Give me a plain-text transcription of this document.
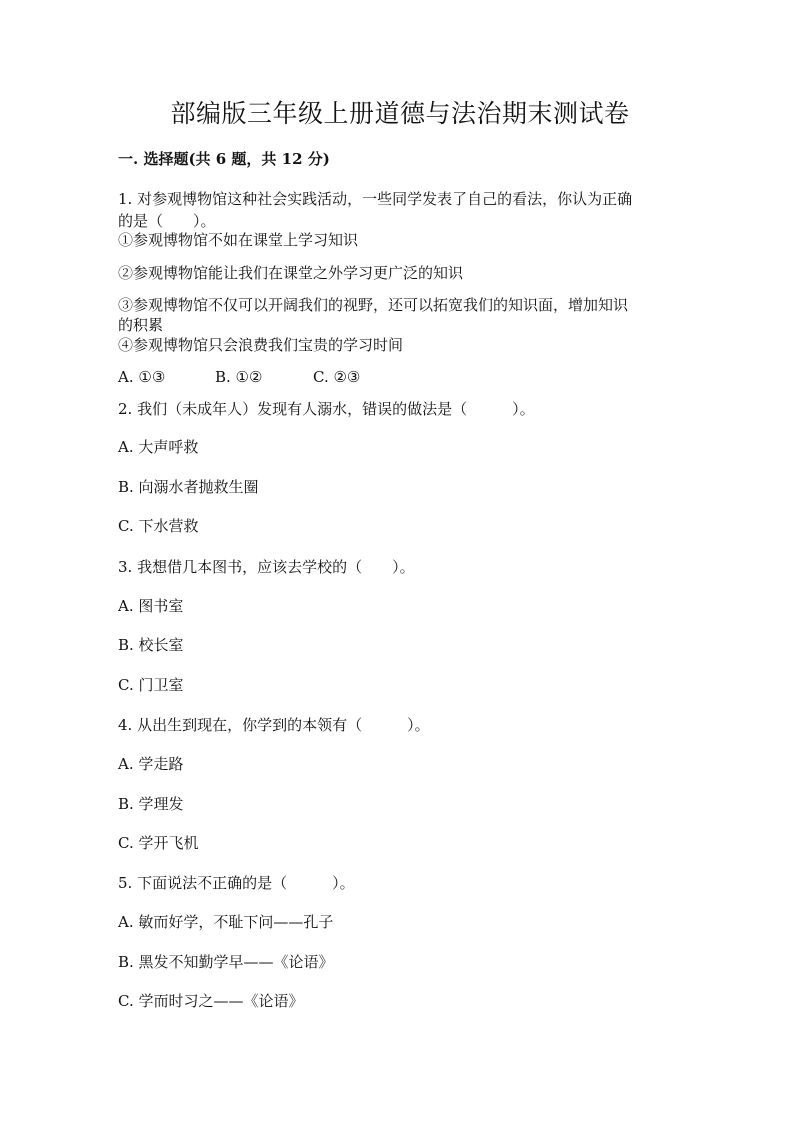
部编版三年级上册道德与法治期末测试卷
一. 选择题(共 6 题，共 12 分)
1. 对参观博物馆这种社会实践活动，一些同学发表了自己的看法，你认为正确
的是（　　）。
①参观博物馆不如在课堂上学习知识
②参观博物馆能让我们在课堂之外学习更广泛的知识
③参观博物馆不仅可以开阔我们的视野，还可以拓宽我们的知识面，增加知识
的积累
④参观博物馆只会浪费我们宝贵的学习时间
A. ①③	B. ①②	C. ②③
2. 我们（未成年人）发现有人溺水，错误的做法是（　　　）。
A. 大声呼救
B. 向溺水者抛救生圈
C. 下水营救
3. 我想借几本图书，应该去学校的（　　）。
A. 图书室
B. 校长室
C. 门卫室
4. 从出生到现在，你学到的本领有（　　　）。
A. 学走路
B. 学理发
C. 学开飞机
5. 下面说法不正确的是（　　　）。
A. 敏而好学，不耻下问——孔子
B. 黑发不知勤学早——《论语》
C. 学而时习之——《论语》
